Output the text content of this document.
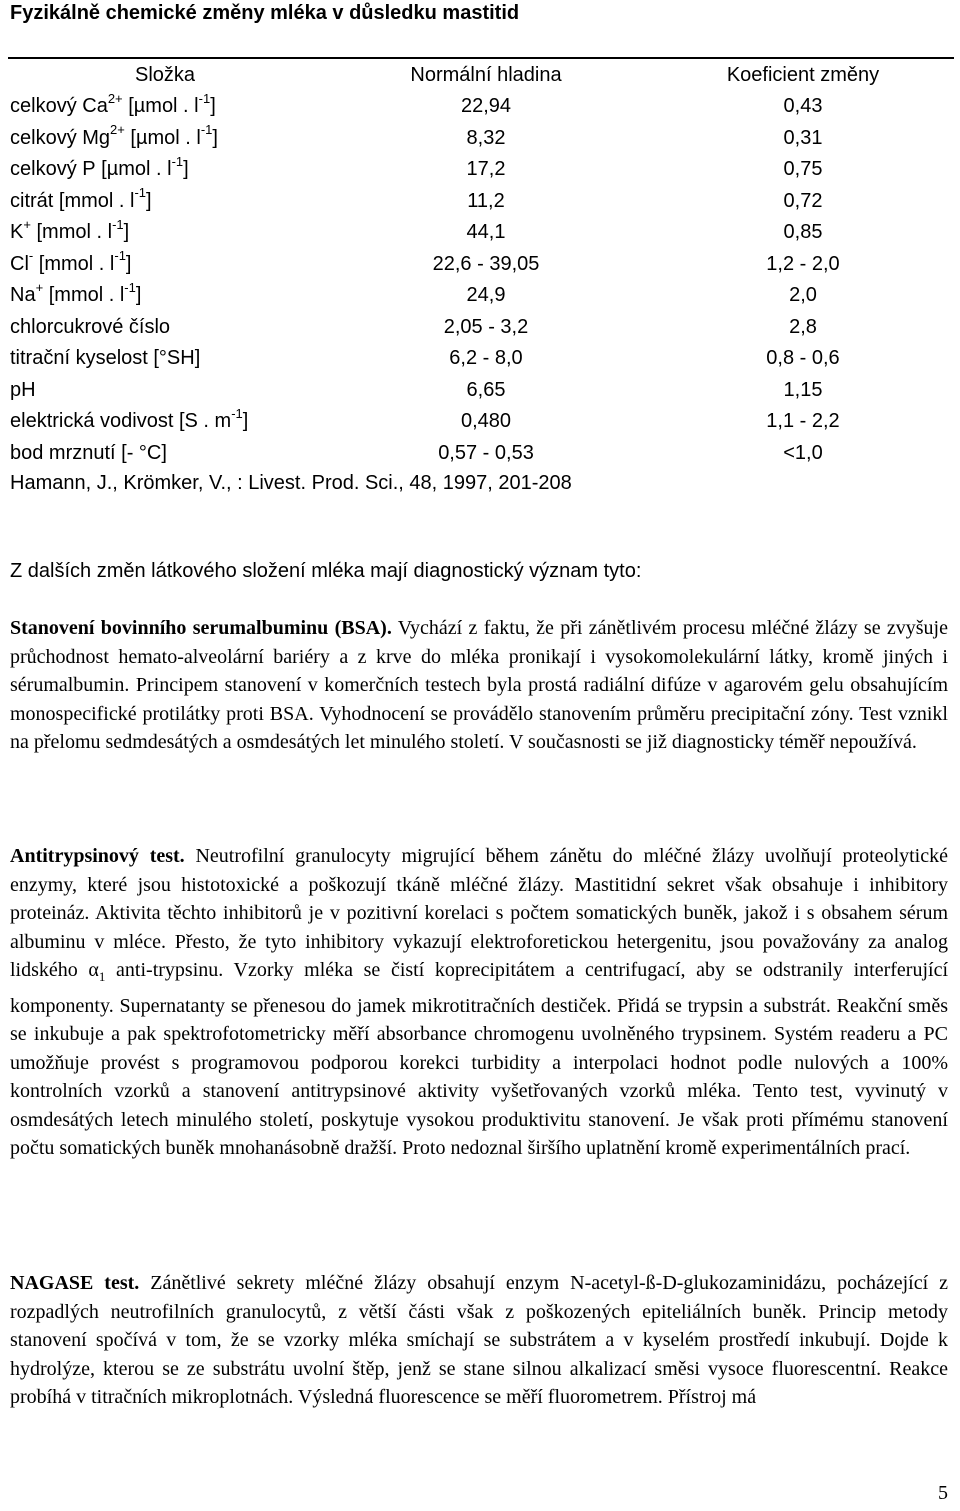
Fyzikálně chemické změny mléka v důsledku mastitid
Složka	Normální hladina	Koeficient změny
celkový $Ca^{2+}$ [µmol . $l^{-1}$]	22,94	0,43
celkový $Mg^{2+}$ [µmol . $l^{-1}$]	8,32	0,31
celkový P [µmol . $l^{-1}$]	17,2	0,75
citrát [mmol . $l^{-1}$]	11,2	0,72
K+ [mmol . $l^{-1}$]	44,1	0,85
Cl- [mmol . $l^{-1}$]	22,6 - 39,05	1,2 - 2,0
Na+ [mmol . $l^{-1}$]	24,9	2,0
chlorcukrové číslo	2,05 - 3,2	2,8
titrační kyselost [°SH]	6,2 - 8,0	0,8 - 0,6
pH	6,65	1,15
elektrická vodivost [S . $m^{-1}$]	0,480	1,1 - 2,2
bod mrznutí [- °C]	0,57 - 0,53	<1,0
Hamann, J., Krömker, V., : Livest. Prod. Sci., 48, 1997, 201-208
Z dalších změn látkového složení mléka mají diagnostický význam tyto:

Stanovení bovinního serumalbuminu (BSA). Vychází z faktu, že při zánětlivém procesu mléčné žlázy se zvyšuje průchodnost hemato-alveolární bariéry a z krve do mléka pronikají i vysokomolekulární látky, kromě jiných i sérumalbumin. Principem stanovení v komerčních testech byla prostá radiální difúze v agarovém gelu obsahujícím monospecifické protilátky proti BSA. Vyhodnocení se provádělo stanovením průměru precipitační zóny. Test vznikl na přelomu sedmdesátých a osmdesátých let minulého století. V současnosti se již diagnosticky téměř nepoužívá.

Antitrypsinový test. Neutrofilní granulocyty migrující během zánětu do mléčné žlázy uvolňují proteolytické enzymy, které jsou histotoxické a poškozují tkáně mléčné žlázy. Mastitidní sekret však obsahuje i inhibitory proteináz. Aktivita těchto inhibitorů je v pozitivní korelaci s počtem somatických buněk, jakož i s obsahem sérum albuminu v mléce. Přesto, že tyto inhibitory vykazují elektroforetickou hetergenitu, jsou považovány za analog lidského $\alpha_1$ anti-trypsinu. Vzorky mléka se čistí koprecipitátem a centrifugací, aby se odstranily interferující komponenty. Supernatanty se přenesou do jamek mikrotitračních destiček. Přidá se trypsin a substrát. Reakční směs se inkubuje a pak spektrofotometricky měří absorbance chromogenu uvolněného trypsinem. Systém readeru a PC umožňuje provést s programovou podporou korekci turbidity a interpolaci hodnot podle nulových a 100% kontrolních vzorků a stanovení antitrypsinové aktivity vyšetřovaných vzorků mléka. Tento test, vyvinutý v osmdesátých letech minulého století, poskytuje vysokou produktivitu stanovení. Je však proti přímému stanovení počtu somatických buněk mnohanásobně dražší. Proto nedoznal širšího uplatnění kromě experimentálních prací.

NAGASE test. Zánětlivé sekrety mléčné žlázy obsahují enzym N-acetyl-ß-D-glukozaminidázu, pocházející z rozpadlých neutrofilních granulocytů, z větší části však z poškozených epiteliálních buněk. Princip metody stanovení spočívá v tom, že se vzorky mléka smíchají se substrátem a v kyselém prostředí inkubují. Dojde k hydrolýze, kterou se ze substrátu uvolní štěp, jenž se stane silnou alkalizací směsi vysoce fluorescentní. Reakce probíhá v titračních mikroplotnách. Výsledná fluorescence se měří fluorometrem. Přístroj má

5
